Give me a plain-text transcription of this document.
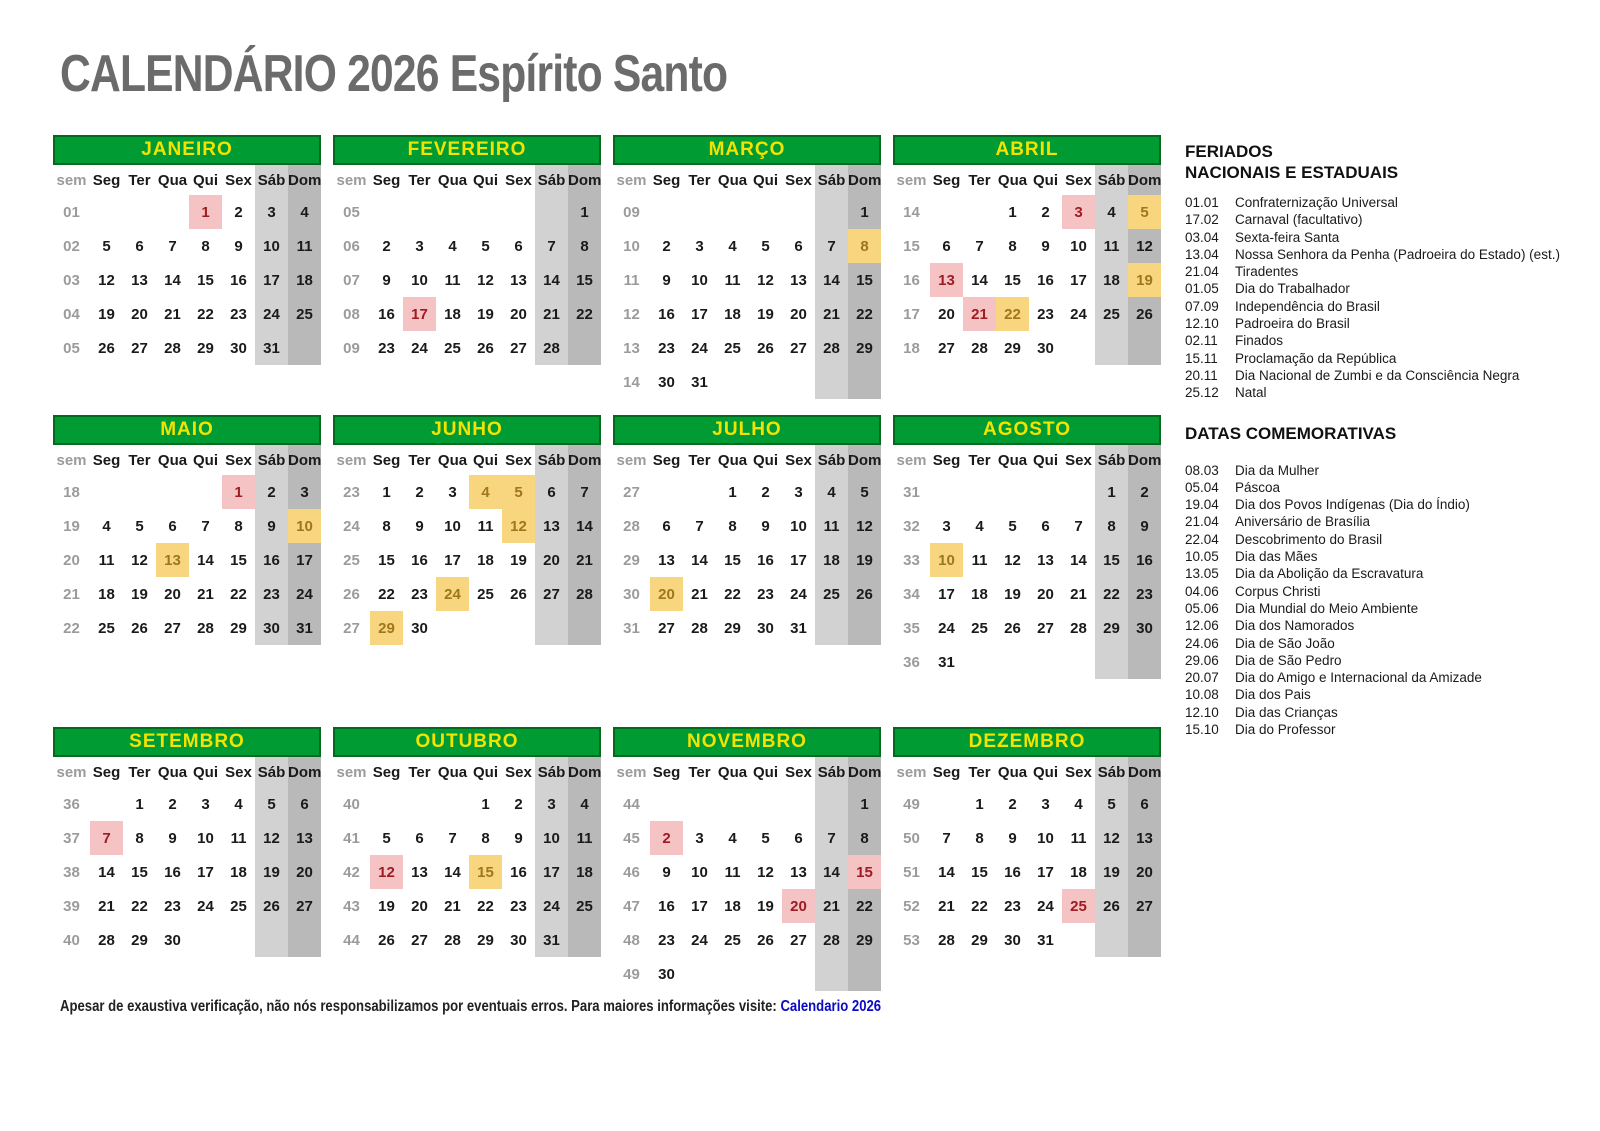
CALENDÁRIO 2026 Espírito Santo
JANEIRO
sem	Seg	Ter	Qua	Qui	Sex	Sáb	Dom
01				1	2	3	4
02	5	6	7	8	9	10	11
03	12	13	14	15	16	17	18
04	19	20	21	22	23	24	25
05	26	27	28	29	30	31	
FEVEREIRO
sem	Seg	Ter	Qua	Qui	Sex	Sáb	Dom
05							1
06	2	3	4	5	6	7	8
07	9	10	11	12	13	14	15
08	16	17	18	19	20	21	22
09	23	24	25	26	27	28	
MARÇO
sem	Seg	Ter	Qua	Qui	Sex	Sáb	Dom
09							1
10	2	3	4	5	6	7	8
11	9	10	11	12	13	14	15
12	16	17	18	19	20	21	22
13	23	24	25	26	27	28	29
14	30	31					
ABRIL
sem	Seg	Ter	Qua	Qui	Sex	Sáb	Dom
14			1	2	3	4	5
15	6	7	8	9	10	11	12
16	13	14	15	16	17	18	19
17	20	21	22	23	24	25	26
18	27	28	29	30			
MAIO
sem	Seg	Ter	Qua	Qui	Sex	Sáb	Dom
18					1	2	3
19	4	5	6	7	8	9	10
20	11	12	13	14	15	16	17
21	18	19	20	21	22	23	24
22	25	26	27	28	29	30	31
JUNHO
sem	Seg	Ter	Qua	Qui	Sex	Sáb	Dom
23	1	2	3	4	5	6	7
24	8	9	10	11	12	13	14
25	15	16	17	18	19	20	21
26	22	23	24	25	26	27	28
27	29	30					
JULHO
sem	Seg	Ter	Qua	Qui	Sex	Sáb	Dom
27			1	2	3	4	5
28	6	7	8	9	10	11	12
29	13	14	15	16	17	18	19
30	20	21	22	23	24	25	26
31	27	28	29	30	31		
AGOSTO
sem	Seg	Ter	Qua	Qui	Sex	Sáb	Dom
31						1	2
32	3	4	5	6	7	8	9
33	10	11	12	13	14	15	16
34	17	18	19	20	21	22	23
35	24	25	26	27	28	29	30
36	31						
SETEMBRO
sem	Seg	Ter	Qua	Qui	Sex	Sáb	Dom
36		1	2	3	4	5	6
37	7	8	9	10	11	12	13
38	14	15	16	17	18	19	20
39	21	22	23	24	25	26	27
40	28	29	30				
OUTUBRO
sem	Seg	Ter	Qua	Qui	Sex	Sáb	Dom
40				1	2	3	4
41	5	6	7	8	9	10	11
42	12	13	14	15	16	17	18
43	19	20	21	22	23	24	25
44	26	27	28	29	30	31	
NOVEMBRO
sem	Seg	Ter	Qua	Qui	Sex	Sáb	Dom
44							1
45	2	3	4	5	6	7	8
46	9	10	11	12	13	14	15
47	16	17	18	19	20	21	22
48	23	24	25	26	27	28	29
49	30						
DEZEMBRO
sem	Seg	Ter	Qua	Qui	Sex	Sáb	Dom
49		1	2	3	4	5	6
50	7	8	9	10	11	12	13
51	14	15	16	17	18	19	20
52	21	22	23	24	25	26	27
53	28	29	30	31			
FERIADOS
NACIONAIS E ESTADUAIS
01.01	Confraternização Universal
17.02	Carnaval (facultativo)
03.04	Sexta-feira Santa
13.04	Nossa Senhora da Penha (Padroeira do Estado) (est.)
21.04	Tiradentes
01.05	Dia do Trabalhador
07.09	Independência do Brasil
12.10	Padroeira do Brasil
02.11	Finados
15.11	Proclamação da República
20.11	Dia Nacional de Zumbi e da Consciência Negra
25.12	Natal
DATAS COMEMORATIVAS
08.03	Dia da Mulher
05.04	Páscoa
19.04	Dia dos Povos Indígenas (Dia do Índio)
21.04	Aniversário de Brasília
22.04	Descobrimento do Brasil
10.05	Dia das Mães
13.05	Dia da Abolição da Escravatura
04.06	Corpus Christi
05.06	Dia Mundial do Meio Ambiente
12.06	Dia dos Namorados
24.06	Dia de São João
29.06	Dia de São Pedro
20.07	Dia do Amigo e Internacional da Amizade
10.08	Dia dos Pais
12.10	Dia das Crianças
15.10	Dia do Professor
Apesar de exaustiva verificação, não nós responsabilizamos por eventuais erros. Para maiores informações visite: Calendario 2026
